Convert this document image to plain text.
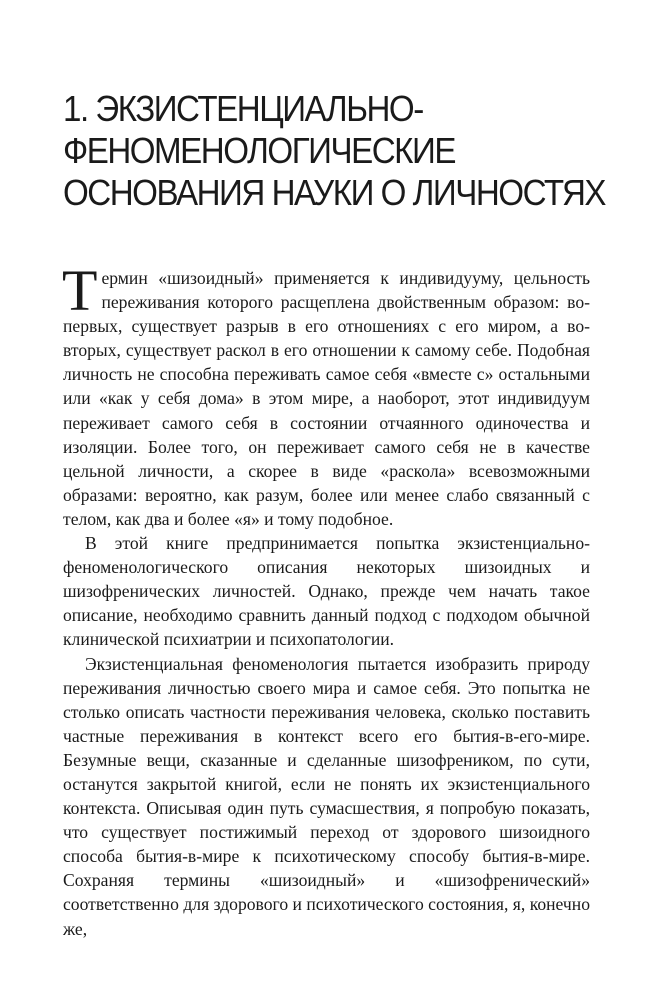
1. ЭКЗИСТЕНЦИАЛЬНО-
ФЕНОМЕНОЛОГИЧЕСКИЕ
ОСНОВАНИЯ НАУКИ О ЛИЧНОСТЯХ

Термин «шизоидный» применяется к индивидууму, цельность переживания которого расщеплена двойственным образом: во-первых, существует разрыв в его отношениях с его миром, а во-вторых, существует раскол в его отношении к самому себе. Подобная личность не способна переживать самое себя «вместе с» остальными или «как у себя дома» в этом мире, а наоборот, этот индивидуум переживает самого себя в состоянии отчаянного одиночества и изоляции. Более того, он переживает самого себя не в качестве цельной личности, а скорее в виде «раскола» всевозможными образами: вероятно, как разум, более или менее слабо связанный с телом, как два и более «я» и тому подобное.

В этой книге предпринимается попытка экзистенциально-феноменологического описания некоторых шизоидных и шизофренических личностей. Однако, прежде чем начать такое описание, необходимо сравнить данный подход с подходом обычной клинической психиатрии и психопатологии.

Экзистенциальная феноменология пытается изобразить природу переживания личностью своего мира и самое себя. Это попытка не столько описать частности переживания человека, сколько поставить частные переживания в контекст всего его бытия-в-его-мире. Безумные вещи, сказанные и сделанные шизофреником, по сути, останутся закрытой книгой, если не понять их экзистенциального контекста. Описывая один путь сумасшествия, я попробую показать, что существует постижимый переход от здорового шизоидного способа бытия-в-мире к психотическому способу бытия-в-мире. Сохраняя термины «шизоидный» и «шизофренический» соответственно для здорового и психотического состояния, я, конечно же,
